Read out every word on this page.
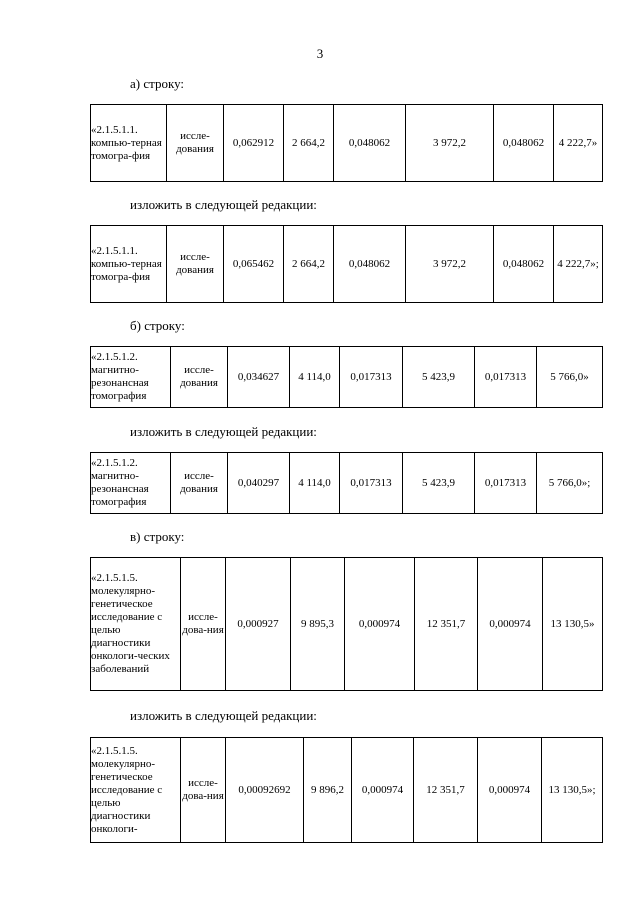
3
а) строку:
«2.1.5.1.1. компью-терная томогра-фия	иссле-дования	0,062912	2 664,2	0,048062	3 972,2	0,048062	4 222,7»
изложить в следующей редакции:
«2.1.5.1.1. компью-терная томогра-фия	иссле-дования	0,065462	2 664,2	0,048062	3 972,2	0,048062	4 222,7»;
б) строку:
«2.1.5.1.2. магнитно-резонансная томография	иссле-дования	0,034627	4 114,0	0,017313	5 423,9	0,017313	5 766,0»
изложить в следующей редакции:
«2.1.5.1.2. магнитно-резонансная томография	иссле-дования	0,040297	4 114,0	0,017313	5 423,9	0,017313	5 766,0»;
в) строку:
«2.1.5.1.5. молекулярно-генетическое исследование с целью диагностики онкологи-ческих заболеваний	иссле-дова-ния	0,000927	9 895,3	0,000974	12 351,7	0,000974	13 130,5»
изложить в следующей редакции:
«2.1.5.1.5. молекулярно-генетическое исследование с целью диагностики онкологи-	иссле-дова-ния	0,00092692	9 896,2	0,000974	12 351,7	0,000974	13 130,5»;
